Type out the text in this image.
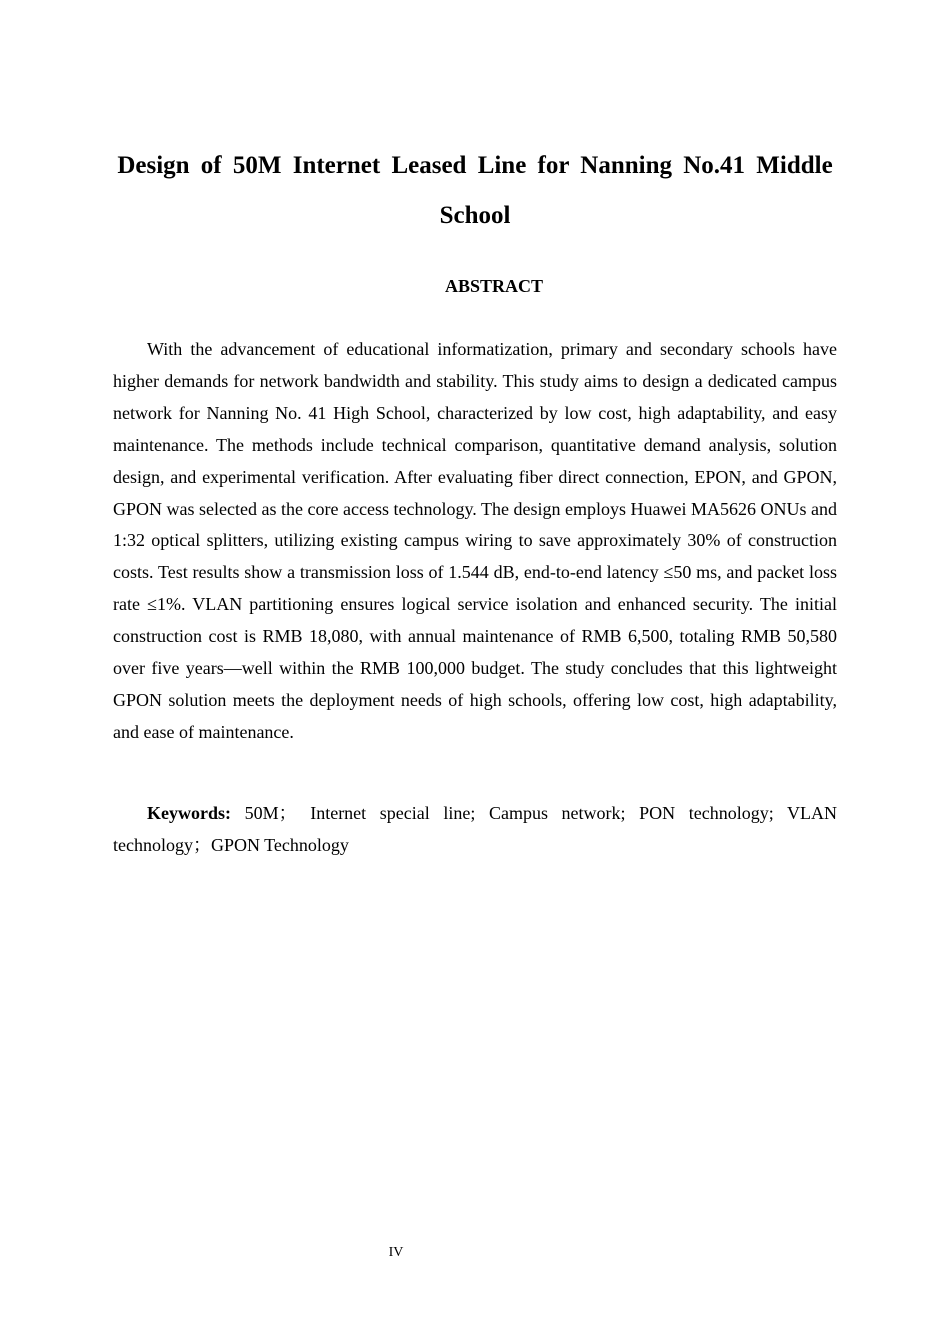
Design of 50M Internet Leased Line for Nanning No.41 Middle School
ABSTRACT

With the advancement of educational informatization, primary and secondary schools have higher demands for network bandwidth and stability. This study aims to design a dedicated campus network for Nanning No. 41 High School, characterized by low cost, high adaptability, and easy maintenance. The methods include technical comparison, quantitative demand analysis, solution design, and experimental verification. After evaluating fiber direct connection, EPON, and GPON, GPON was selected as the core access technology. The design employs Huawei MA5626 ONUs and 1:32 optical splitters, utilizing existing campus wiring to save approximately 30% of construction costs. Test results show a transmission loss of 1.544 dB, end-to-end latency ≤50 ms, and packet loss rate ≤1%. VLAN partitioning ensures logical service isolation and enhanced security. The initial construction cost is RMB 18,080, with annual maintenance of RMB 6,500, totaling RMB 50,580 over five years—well within the RMB 100,000 budget. The study concludes that this lightweight GPON solution meets the deployment needs of high schools, offering low cost, high adaptability, and ease of maintenance.

Keywords: 50M； Internet special line; Campus network; PON technology; VLAN technology；GPON Technology

IV
